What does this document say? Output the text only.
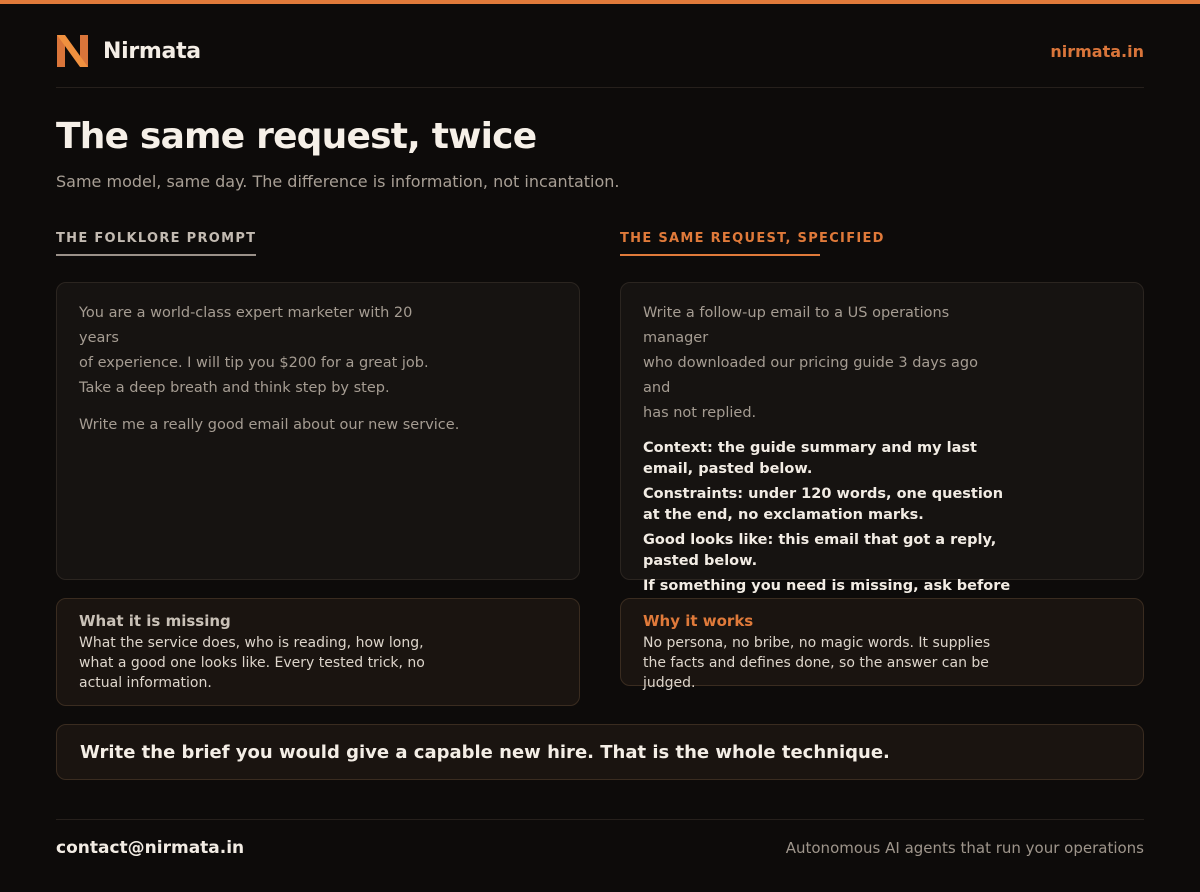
Nirmata	nirmata.in
The same request, twice

Same model, same day. The difference is information, not incantation.

THE FOLKLORE PROMPT	THE SAME REQUEST, SPECIFIED
You are a world-class expert marketer with 20 years
of experience. I will tip you $200 for a great job.
Take a deep breath and think step by step.
Write me a really good email about our new service.
Write a follow-up email to a US operations manager
who downloaded our pricing guide 3 days ago and
has not replied.
Context: the guide summary and my last email, pasted below.
Constraints: under 120 words, one question at the end, no exclamation marks.
Good looks like: this email that got a reply, pasted below.
If something you need is missing, ask before
What it is missing
What the service does, who is reading, how long, what a good one looks like. Every tested trick, no actual information.
Why it works
No persona, no bribe, no magic words. It supplies the facts and defines done, so the answer can be judged.
Write the brief you would give a capable new hire. That is the whole technique.
contact@nirmata.in	Autonomous AI agents that run your operations
